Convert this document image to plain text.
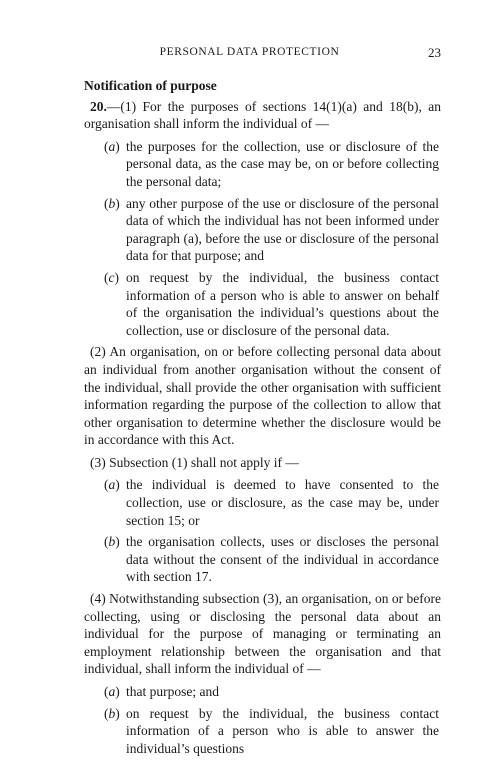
PERSONAL DATA PROTECTION	23
Notification of purpose

20.—(1) For the purposes of sections 14(1)(a) and 18(b), an organisation shall inform the individual of —

(a) the purposes for the collection, use or disclosure of the personal data, as the case may be, on or before collecting the personal data;
(b) any other purpose of the use or disclosure of the personal data of which the individual has not been informed under paragraph (a), before the use or disclosure of the personal data for that purpose; and
(c) on request by the individual, the business contact information of a person who is able to answer on behalf of the organisation the individual’s questions about the collection, use or disclosure of the personal data.

(2) An organisation, on or before collecting personal data about an individual from another organisation without the consent of the individual, shall provide the other organisation with sufficient information regarding the purpose of the collection to allow that other organisation to determine whether the disclosure would be in accordance with this Act.

(3) Subsection (1) shall not apply if —

(a) the individual is deemed to have consented to the collection, use or disclosure, as the case may be, under section 15; or
(b) the organisation collects, uses or discloses the personal data without the consent of the individual in accordance with section 17.

(4) Notwithstanding subsection (3), an organisation, on or before collecting, using or disclosing the personal data about an individual for the purpose of managing or terminating an employment relationship between the organisation and that individual, shall inform the individual of —

(a) that purpose; and
(b) on request by the individual, the business contact information of a person who is able to answer the individual’s questions
